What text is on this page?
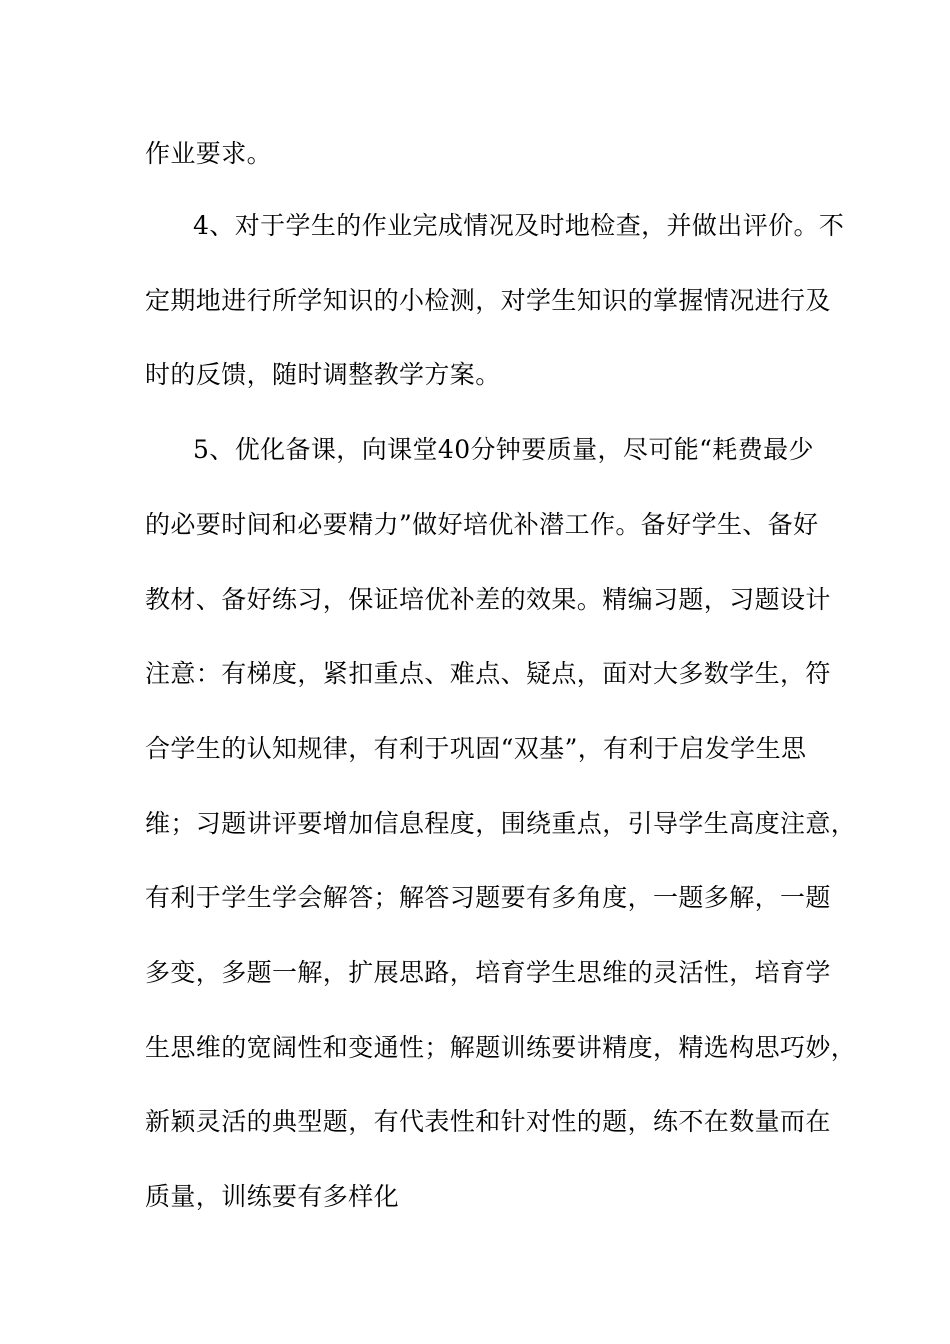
作业要求。
4、对于学生的作业完成情况及时地检查，并做出评价。不
定期地进行所学知识的小检测，对学生知识的掌握情况进行及
时的反馈，随时调整教学方案。
5、优化备课，向课堂40分钟要质量，尽可能“耗费最少
的必要时间和必要精力”做好培优补潜工作。备好学生、备好
教材、备好练习，保证培优补差的效果。精编习题，习题设计
注意：有梯度，紧扣重点、难点、疑点，面对大多数学生，符
合学生的认知规律，有利于巩固“双基”，有利于启发学生思
维；习题讲评要增加信息程度，围绕重点，引导学生高度注意，
有利于学生学会解答；解答习题要有多角度，一题多解，一题
多变，多题一解，扩展思路，培育学生思维的灵活性，培育学
生思维的宽阔性和变通性；解题训练要讲精度，精选构思巧妙，
新颖灵活的典型题，有代表性和针对性的题，练不在数量而在
质量，训练要有多样化
